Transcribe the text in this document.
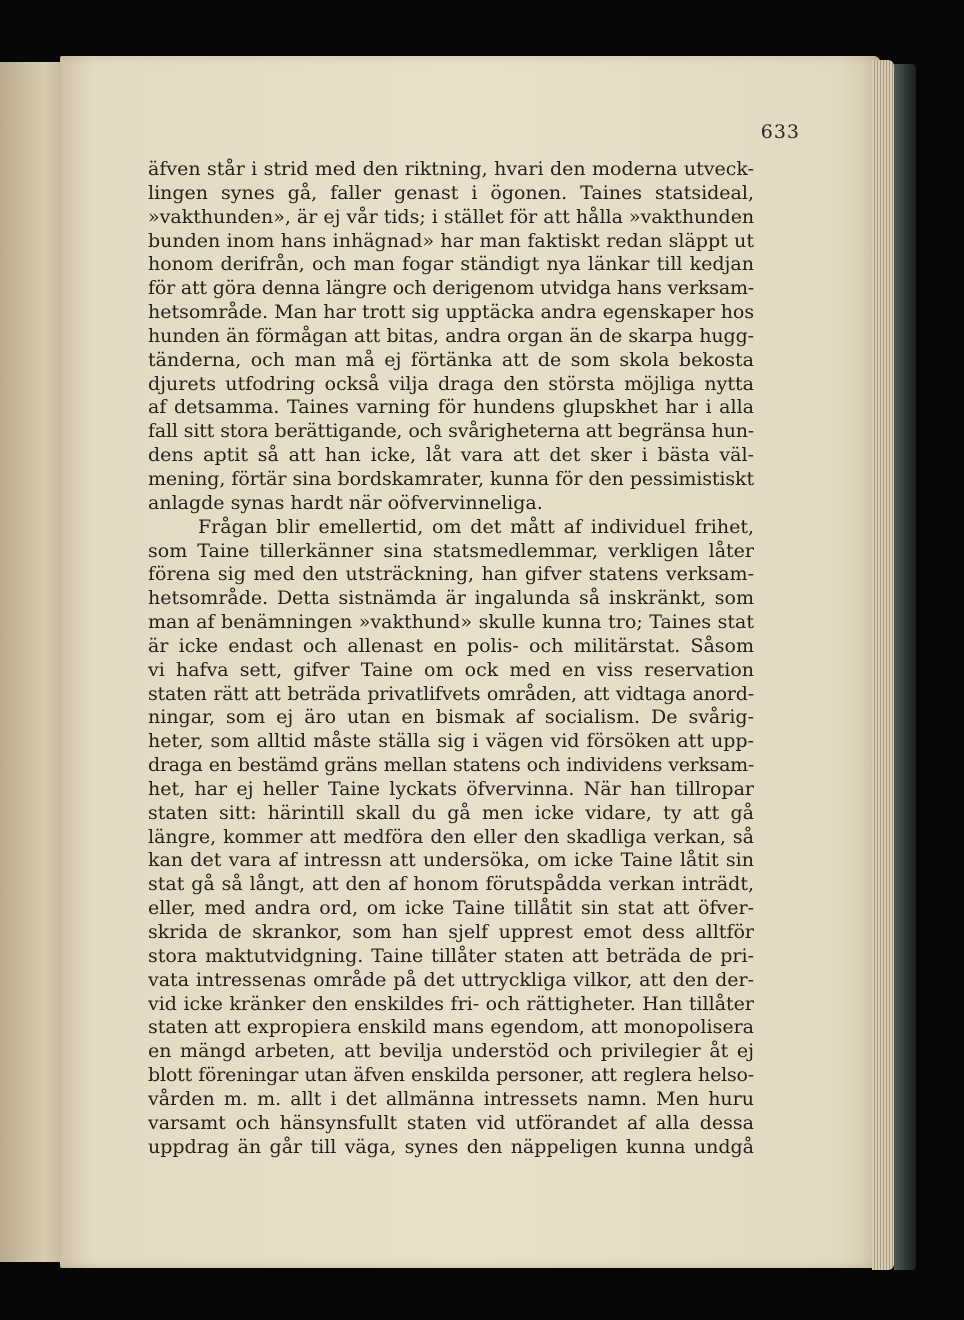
633
äfven står i strid med den riktning, hvari den moderna utveck-
lingen synes gå, faller genast i ögonen. Taines statsideal,
»vakthunden», är ej vår tids; i stället för att hålla »vakthunden
bunden inom hans inhägnad» har man faktiskt redan släppt ut
honom derifrån, och man fogar ständigt nya länkar till kedjan
för att göra denna längre och derigenom utvidga hans verksam-
hetsområde. Man har trott sig upptäcka andra egenskaper hos
hunden än förmågan att bitas, andra organ än de skarpa hugg-
tänderna, och man må ej förtänka att de som skola bekosta
djurets utfodring också vilja draga den största möjliga nytta
af detsamma. Taines varning för hundens glupskhet har i alla
fall sitt stora berättigande, och svårigheterna att begränsa hun-
dens aptit så att han icke, låt vara att det sker i bästa väl-
mening, förtär sina bordskamrater, kunna för den pessimistiskt
anlagde synas hardt när oöfvervinneliga.
Frågan blir emellertid, om det mått af individuel frihet,
som Taine tillerkänner sina statsmedlemmar, verkligen låter
förena sig med den utsträckning, han gifver statens verksam-
hetsområde. Detta sistnämda är ingalunda så inskränkt, som
man af benämningen »vakthund» skulle kunna tro; Taines stat
är icke endast och allenast en polis- och militärstat. Såsom
vi hafva sett, gifver Taine om ock med en viss reservation
staten rätt att beträda privatlifvets områden, att vidtaga anord-
ningar, som ej äro utan en bismak af socialism. De svårig-
heter, som alltid måste ställa sig i vägen vid försöken att upp-
draga en bestämd gräns mellan statens och individens verksam-
het, har ej heller Taine lyckats öfvervinna. När han tillropar
staten sitt: härintill skall du gå men icke vidare, ty att gå
längre, kommer att medföra den eller den skadliga verkan, så
kan det vara af intressn att undersöka, om icke Taine låtit sin
stat gå så långt, att den af honom förutspådda verkan inträdt,
eller, med andra ord, om icke Taine tillåtit sin stat att öfver-
skrida de skrankor, som han sjelf upprest emot dess alltför
stora maktutvidgning. Taine tillåter staten att beträda de pri-
vata intressenas område på det uttryckliga vilkor, att den der-
vid icke kränker den enskildes fri- och rättigheter. Han tillåter
staten att expropiera enskild mans egendom, att monopolisera
en mängd arbeten, att bevilja understöd och privilegier åt ej
blott föreningar utan äfven enskilda personer, att reglera helso-
vården m. m. allt i det allmänna intressets namn. Men huru
varsamt och hänsynsfullt staten vid utförandet af alla dessa
uppdrag än går till väga, synes den näppeligen kunna undgå
